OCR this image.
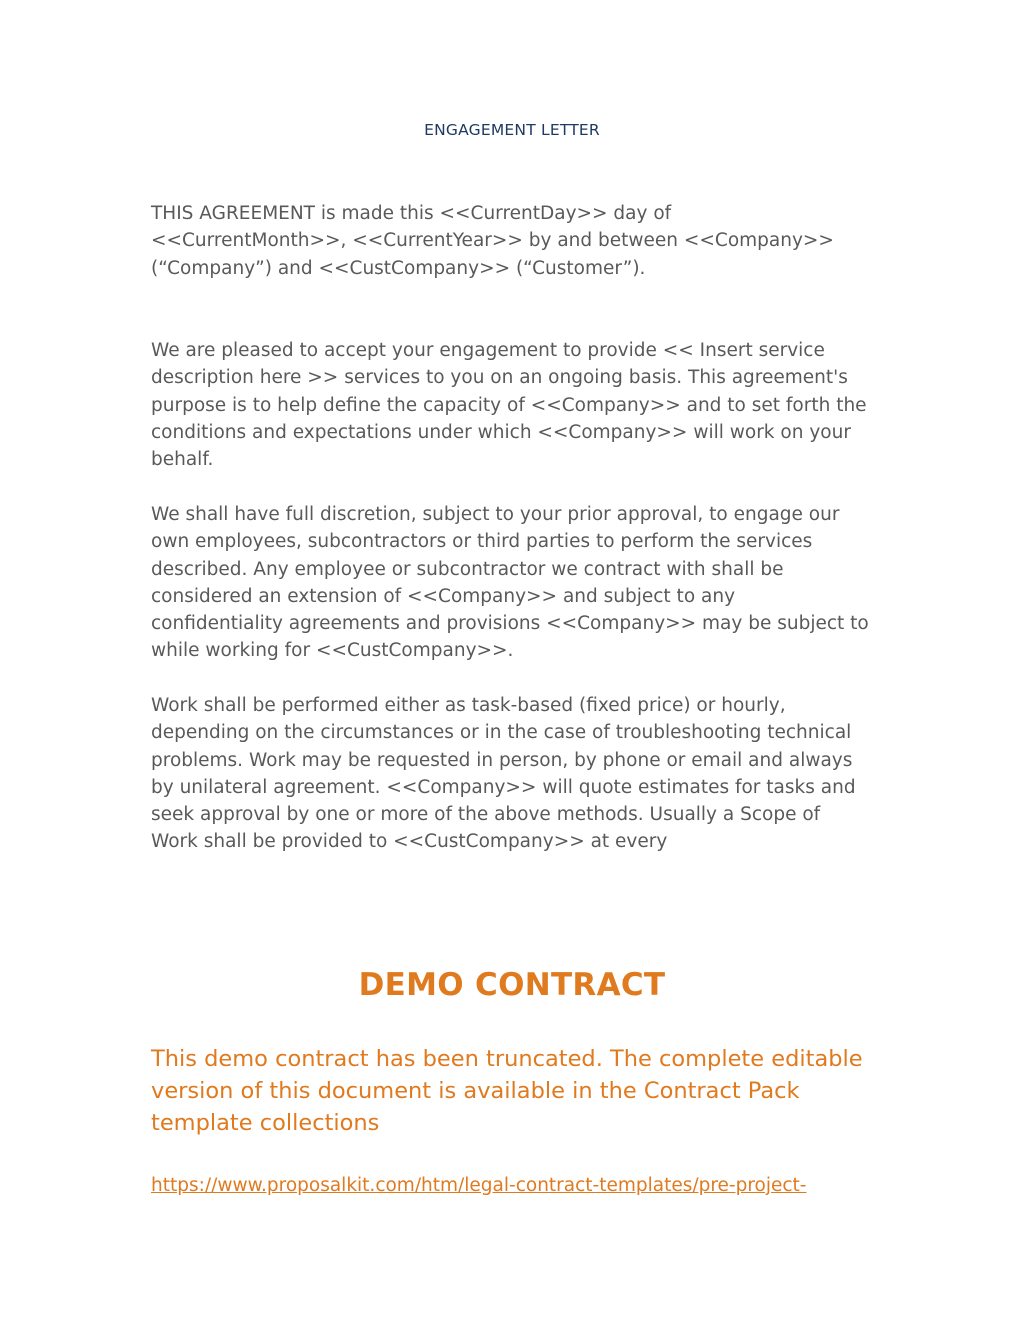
ENGAGEMENT LETTER

THIS AGREEMENT is made this <<CurrentDay>> day of <<CurrentMonth>>, <<CurrentYear>> by and between <<Company>> (“Company”) and <<CustCompany>> (“Customer”).

We are pleased to accept your engagement to provide << Insert service description here >> services to you on an ongoing basis. This agreement's purpose is to help define the capacity of <<Company>> and to set forth the conditions and expectations under which <<Company>> will work on your behalf.

We shall have full discretion, subject to your prior approval, to engage our own employees, subcontractors or third parties to perform the services described. Any employee or subcontractor we contract with shall be considered an extension of <<Company>> and subject to any confidentiality agreements and provisions <<Company>> may be subject to while working for <<CustCompany>>.

Work shall be performed either as task-based (fixed price) or hourly, depending on the circumstances or in the case of troubleshooting technical problems. Work may be requested in person, by phone or email and always by unilateral agreement. <<Company>> will quote estimates for tasks and seek approval by one or more of the above methods. Usually a Scope of Work shall be provided to <<CustCompany>> at every

DEMO CONTRACT

This demo contract has been truncated. The complete editable version of this document is available in the Contract Pack template collections

https://www.proposalkit.com/htm/legal-contract-templates/pre-project-
